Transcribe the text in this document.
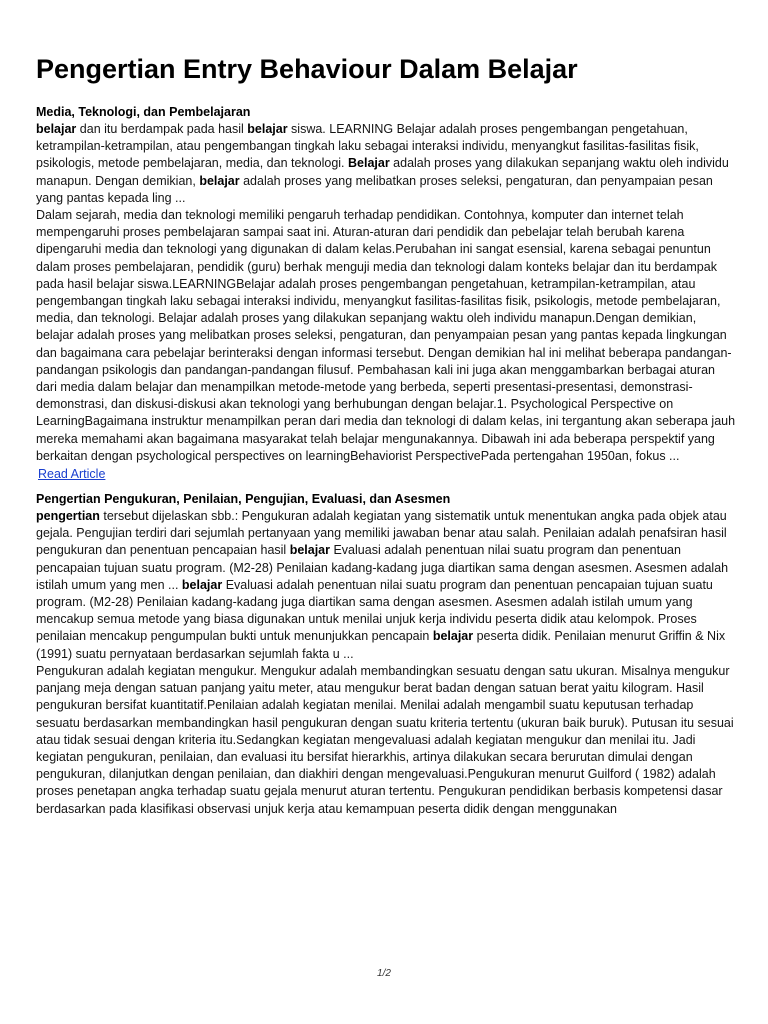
Pengertian Entry Behaviour Dalam Belajar
Media, Teknologi, dan Pembelajaran

belajar dan itu berdampak pada hasil belajar siswa. LEARNING Belajar adalah proses pengembangan pengetahuan, ketrampilan-ketrampilan, atau pengembangan tingkah laku sebagai interaksi individu, menyangkut fasilitas-fasilitas fisik, psikologis, metode pembelajaran, media, dan teknologi. Belajar adalah proses yang dilakukan sepanjang waktu oleh individu manapun. Dengan demikian, belajar adalah proses yang melibatkan proses seleksi, pengaturan, dan penyampaian pesan yang pantas kepada ling ...

Dalam sejarah, media dan teknologi memiliki pengaruh terhadap pendidikan. Contohnya, komputer dan internet telah mempengaruhi proses pembelajaran sampai saat ini. Aturan-aturan dari pendidik dan pebelajar telah berubah karena dipengaruhi media dan teknologi yang digunakan di dalam kelas.Perubahan ini sangat esensial, karena sebagai penuntun dalam proses pembelajaran, pendidik (guru) berhak menguji media dan teknologi dalam konteks belajar dan itu berdampak pada hasil belajar siswa.LEARNINGBelajar adalah proses pengembangan pengetahuan, ketrampilan-ketrampilan, atau pengembangan tingkah laku sebagai interaksi individu, menyangkut fasilitas-fasilitas fisik, psikologis, metode pembelajaran, media, dan teknologi. Belajar adalah proses yang dilakukan sepanjang waktu oleh individu manapun.Dengan demikian, belajar adalah proses yang melibatkan proses seleksi, pengaturan, dan penyampaian pesan yang pantas kepada lingkungan dan bagaimana cara pebelajar berinteraksi dengan informasi tersebut. Dengan demikian hal ini melihat beberapa pandangan-pandangan psikologis dan pandangan-pandangan filusuf. Pembahasan kali ini juga akan menggambarkan berbagai aturan dari media dalam belajar dan menampilkan metode-metode yang berbeda, seperti presentasi-presentasi, demonstrasi-demonstrasi, dan diskusi-diskusi akan teknologi yang berhubungan dengan belajar.1. Psychological Perspective on LearningBagaimana instruktur menampilkan peran dari media dan teknologi di dalam kelas, ini tergantung akan seberapa jauh mereka memahami akan bagaimana masyarakat telah belajar mengunakannya. Dibawah ini ada beberapa perspektif yang berkaitan dengan psychological perspectives on learningBehaviorist PerspectivePada pertengahan 1950an, fokus ...

Read Article
Pengertian Pengukuran, Penilaian, Pengujian, Evaluasi, dan Asesmen

pengertian tersebut dijelaskan sbb.: Pengukuran adalah kegiatan yang sistematik untuk menentukan angka pada objek atau gejala. Pengujian terdiri dari sejumlah pertanyaan yang memiliki jawaban benar atau salah. Penilaian adalah penafsiran hasil pengukuran dan penentuan pencapaian hasil belajar Evaluasi adalah penentuan nilai suatu program dan penentuan pencapaian tujuan suatu program. (M2-28) Penilaian kadang-kadang juga diartikan sama dengan asesmen. Asesmen adalah istilah umum yang men ... belajar Evaluasi adalah penentuan nilai suatu program dan penentuan pencapaian tujuan suatu program. (M2-28) Penilaian kadang-kadang juga diartikan sama dengan asesmen. Asesmen adalah istilah umum yang mencakup semua metode yang biasa digunakan untuk menilai unjuk kerja individu peserta didik atau kelompok. Proses penilaian mencakup pengumpulan bukti untuk menunjukkan pencapain belajar peserta didik. Penilaian menurut Griffin & Nix (1991) suatu pernyataan berdasarkan sejumlah fakta u ...

Pengukuran adalah kegiatan mengukur. Mengukur adalah membandingkan sesuatu dengan satu ukuran. Misalnya mengukur panjang meja dengan satuan panjang yaitu meter, atau mengukur berat badan dengan satuan berat yaitu kilogram. Hasil pengukuran bersifat kuantitatif.Penilaian adalah kegiatan menilai. Menilai adalah mengambil suatu keputusan terhadap sesuatu berdasarkan membandingkan hasil pengukuran dengan suatu kriteria tertentu (ukuran baik buruk). Putusan itu sesuai atau tidak sesuai dengan kriteria itu.Sedangkan kegiatan mengevaluasi adalah kegiatan mengukur dan menilai itu. Jadi kegiatan pengukuran, penilaian, dan evaluasi itu bersifat hierarkhis, artinya dilakukan secara berurutan dimulai dengan pengukuran, dilanjutkan dengan penilaian, dan diakhiri dengan mengevaluasi.Pengukuran menurut Guilford ( 1982) adalah proses penetapan angka terhadap suatu gejala menurut aturan tertentu. Pengukuran pendidikan berbasis kompetensi dasar berdasarkan pada klasifikasi observasi unjuk kerja atau kemampuan peserta didik dengan menggunakan

1/2
